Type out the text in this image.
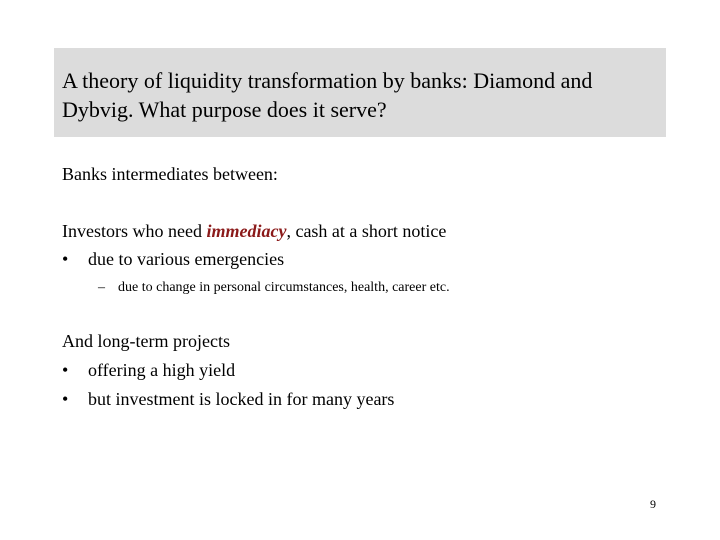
A theory of liquidity transformation by banks: Diamond and Dybvig. What purpose does it serve?
Banks intermediates between:
Investors who need immediacy, cash at a short notice
• due to various emergencies
– due to change in personal circumstances, health, career etc.
And long-term projects
• offering a high yield
• but investment is locked in for many years
9
